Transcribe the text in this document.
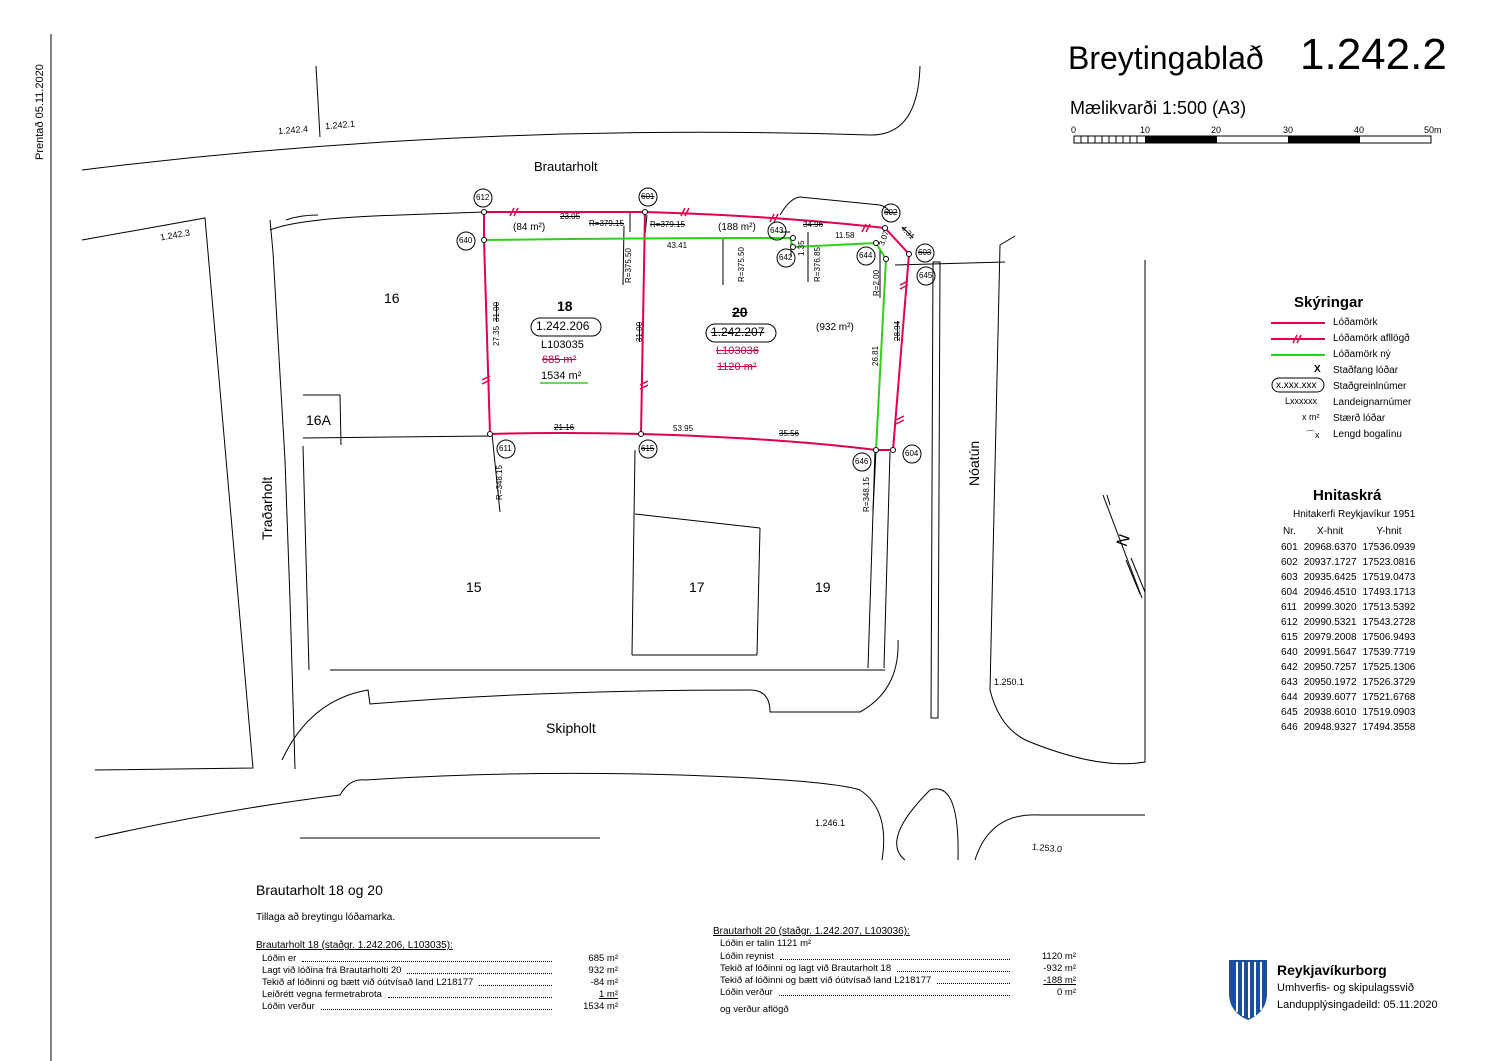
Prentað 05.11.2020
Breytingablað 1.242.2
Mælikvarði 1:500 (A3)
0	10	20	30	40	50m
Brautarholt
Traðarholt
Skipholt
Nóatún
1.242.4 1.242.1
1.242.3
1.250.1
1.246.1
1.253.0
16
16A
15	17	19
18
1.242.206
L103035
685 m²
1534 m²
20
1.242.207
L103036
1120 m²
(932 m²)
(84 m²)	(188 m²)
612	601
602
603
640
643
642	644
645
611	615
646
604
23.05
R=379.15	R=379.15	34.96	4.31
43.41
R=375.50	R=375.50	1.35 R=376.85
11.58	3.07
R=2.00
27.35
31.00
31.00
26.81
28.94
21.16	53.95
35.56
R=348.15	R=348.15
N
Skýringar
Lóðamörk
Lóðamörk afllögð
Lóðamörk ný
X Staðfang lóðar
x.xxx.xxx Staðgreinlnúmer
Lxxxxxx Landeignarnúmer
x m² Stærð lóðar
⌒x Lengd bogalínu
Hnitaskrá
Hnitakerfi Reykjavíkur 1951
Nr.	X-hnit	Y-hnit
601	20968.6370	17536.0939
602	20937.1727	17523.0816
603	20935.6425	17519.0473
604	20946.4510	17493.1713
611	20999.3020	17513.5392
612	20990.5321	17543.2728
615	20979.2008	17506.9493
640	20991.5647	17539.7719
642	20950.7257	17525.1306
643	20950.1972	17526.3729
644	20939.6077	17521.6768
645	20938.6010	17519.0903
646	20948.9327	17494.3558
Brautarholt 18 og 20
Tillaga að breytingu lóðamarka.
Brautarholt 18 (staðgr. 1.242.206, L103035):
Lóðin er	685 m²
Lagt við lóðina frá Brautarholti 20	932 m²
Tekið af lóðinni og bætt við óútvísað land L218177	-84 m²
Leiðrétt vegna fermetrabrota	1 m²
Lóðin verður	1534 m²
Brautarholt 20 (staðgr. 1.242.207, L103036):
Lóðin er talin 1121 m²
Lóðin reynist	1120 m²
Tekið af lóðinni og lagt við Brautarholt 18	-932 m²
Tekið af lóðinni og bætt við óútvísað land L218177	-188 m²
Lóðin verður	0 m²
og verður aflögð
Reykjavíkurborg
Umhverfis- og skipulagssvið
Landupplýsingadeild: 05.11.2020
